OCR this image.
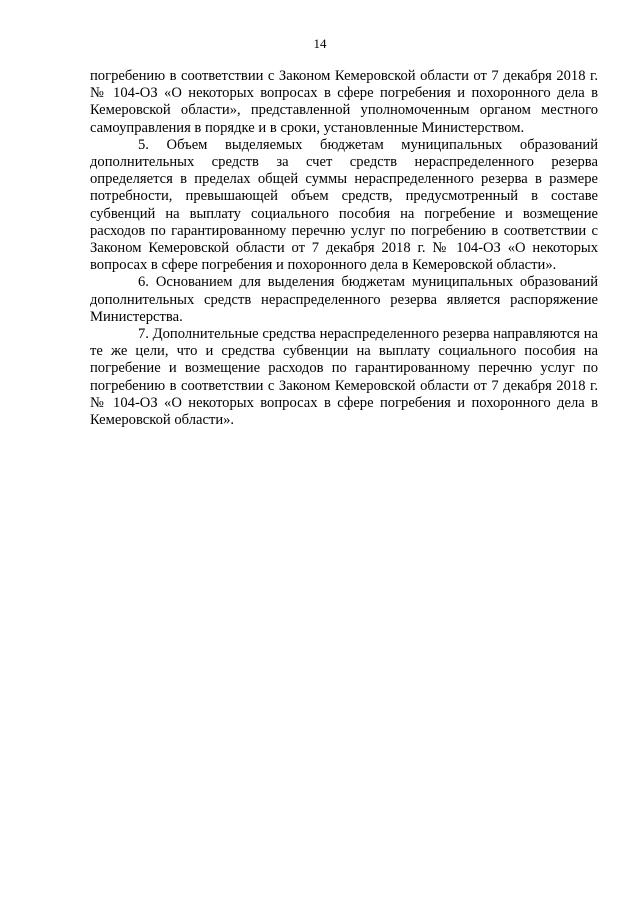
14

погребению в соответствии с Законом Кемеровской области от 7 декабря 2018 г. № 104-ОЗ «О некоторых вопросах в сфере погребения и похоронного дела в Кемеровской области», представленной уполномоченным органом местного самоуправления в порядке и в сроки, установленные Министерством.

5. Объем выделяемых бюджетам муниципальных образований дополнительных средств за счет средств нераспределенного резерва определяется в пределах общей суммы нераспределенного резерва в размере потребности, превышающей объем средств, предусмотренный в составе субвенций на выплату социального пособия на погребение и возмещение расходов по гарантированному перечню услуг по погребению в соответствии с Законом Кемеровской области от 7 декабря 2018 г. № 104-ОЗ «О некоторых вопросах в сфере погребения и похоронного дела в Кемеровской области».

6. Основанием для выделения бюджетам муниципальных образований дополнительных средств нераспределенного резерва является распоряжение Министерства.

7. Дополнительные средства нераспределенного резерва направляются на те же цели, что и средства субвенции на выплату социального пособия на погребение и возмещение расходов по гарантированному перечню услуг по погребению в соответствии с Законом Кемеровской области от 7 декабря 2018 г. № 104-ОЗ «О некоторых вопросах в сфере погребения и похоронного дела в Кемеровской области».
